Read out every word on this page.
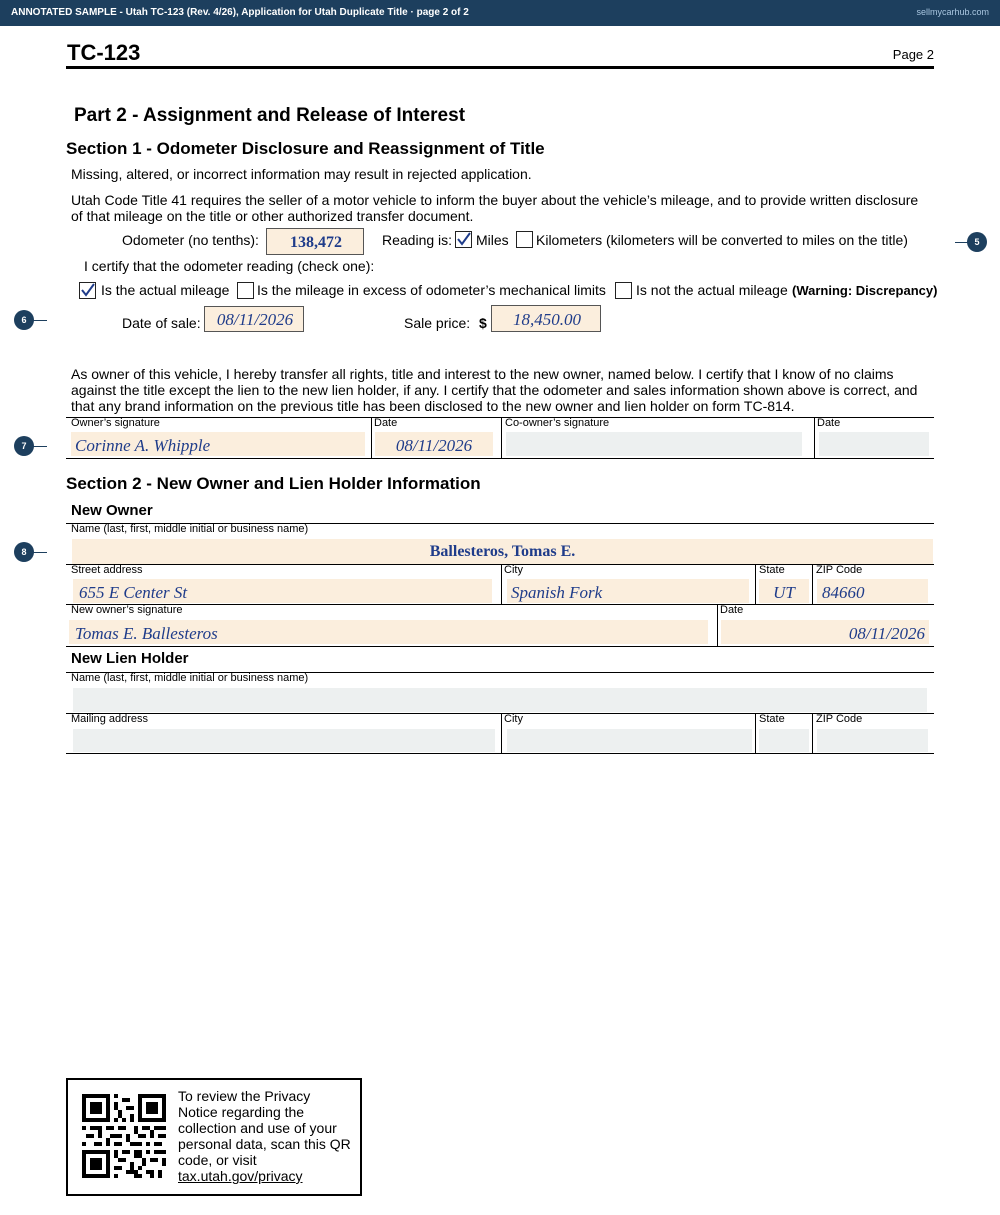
ANNOTATED SAMPLE - Utah TC-123 (Rev. 4/26), Application for Utah Duplicate Title · page 2 of 2	sellmycarhub.com
TC-123	Page 2
Part 2 - Assignment and Release of Interest
Section 1 - Odometer Disclosure and Reassignment of Title
Missing, altered, or incorrect information may result in rejected application.
Utah Code Title 41 requires the seller of a motor vehicle to inform the buyer about the vehicle’s mileage, and to provide written disclosure of that mileage on the title or other authorized transfer document.
Odometer (no tenths):	138,472	Reading is: Miles Kilometers (kilometers will be converted to miles on the title)
I certify that the odometer reading (check one):
Is the actual mileage Is the mileage in excess of odometer’s mechanical limits Is not the actual mileage (Warning: Discrepancy)
Date of sale: 08/11/2026	Sale price: $	18,450.00
As owner of this vehicle, I hereby transfer all rights, title and interest to the new owner, named below. I certify that I know of no claims against the title except the lien to the new lien holder, if any. I certify that the odometer and sales information shown above is correct, and that any brand information on the previous title has been disclosed to the new owner and lien holder on form TC-814.
Owner’s signature	Date	Co-owner’s signature	Date
Corinne A. Whipple	08/11/2026
Section 2 - New Owner and Lien Holder Information
New Owner
Name (last, first, middle initial or business name)
Ballesteros, Tomas E.
Street address	City	State	ZIP Code
655 E Center St	Spanish Fork	UT	84660
New owner’s signature	Date
Tomas E. Ballesteros	08/11/2026
New Lien Holder
Name (last, first, middle initial or business name)
Mailing address	City	State	ZIP Code
5
6
7
8
To review the Privacy Notice regarding the collection and use of your personal data, scan this QR code, or visit tax.utah.gov/privacy
